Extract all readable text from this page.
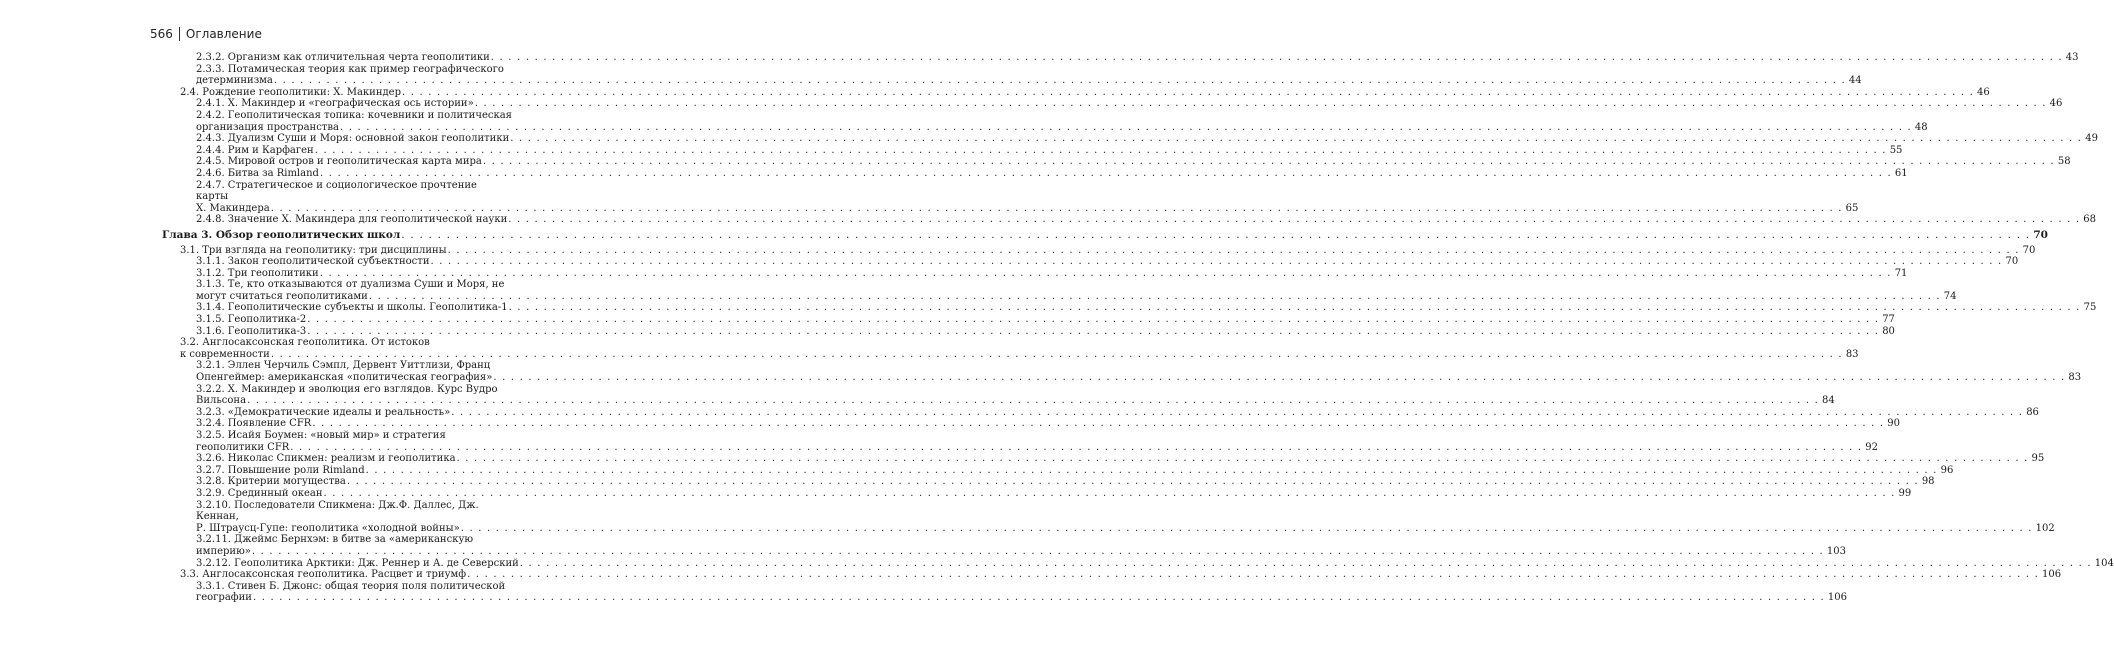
566 Оглавление
2.3.2. Организм как отличительная черта геополитики . . .	43
2.3.3. Потамическая теория как пример географического
детерминизма . . .	44
2.4. Рождение геополитики: Х. Макиндер . . .	46
2.4.1. Х. Макиндер и «географическая ось истории» . . .	46
2.4.2. Геополитическая топика: кочевники и политическая
организация пространства . . .	48
2.4.3. Дуализм Суши и Моря: основной закон геополитики . . .	49
2.4.4. Рим и Карфаген . . .	55
2.4.5. Мировой остров и геополитическая карта мира . . .	58
2.4.6. Битва за Rimland . . .	61
2.4.7. Стратегическое и социологическое прочтение карты
Х. Макиндера . . .	65
2.4.8. Значение Х. Макиндера для геополитической науки . . .	68
Глава 3. Обзор геополитических школ . . .	70
3.1. Три взгляда на геополитику: три дисциплины . . .	70
3.1.1. Закон геополитической субъектности . . .	70
3.1.2. Три геополитики . . .	71
3.1.3. Те, кто отказываются от дуализма Суши и Моря, не
могут считаться геополитиками . . .	74
3.1.4. Геополитические субъекты и школы. Геополитика-1 . . .	75
3.1.5. Геополитика-2 . . .	77
3.1.6. Геополитика-3 . . .	80
3.2. Англосаксонская геополитика. От истоков
к современности . . .	83
3.2.1. Эллен Черчиль Сэмпл, Дервент Уиттлизи, Франц
Опенгеймер: американская «политическая география» . . .	83
3.2.2. Х. Макиндер и эволюция его взглядов. Курс Вудро
Вильсона . . .	84
3.2.3. «Демократические идеалы и реальность» . . .	86
3.2.4. Появление CFR . . .	90
3.2.5. Исайя Боумен: «новый мир» и стратегия
геополитики CFR . . .	92
3.2.6. Николас Спикмен: реализм и геополитика . . .	95
3.2.7. Повышение роли Rimland . . .	96
3.2.8. Критерии могущества . . .	98
3.2.9. Срединный океан . . .	99
3.2.10. Последователи Спикмена: Дж.Ф. Даллес, Дж. Кеннан,
Р. Штраусц-Гупе: геополитика «холодной войны» . . .	102
3.2.11. Джеймс Бернхэм: в битве за «американскую
империю» . . .	103
3.2.12. Геополитика Арктики: Дж. Реннер и А. де Северский . . .	104
3.3. Англосаксонская геополитика. Расцвет и триумф . . .	106
3.3.1. Стивен Б. Джонс: общая теория поля политической
географии . . .	106
